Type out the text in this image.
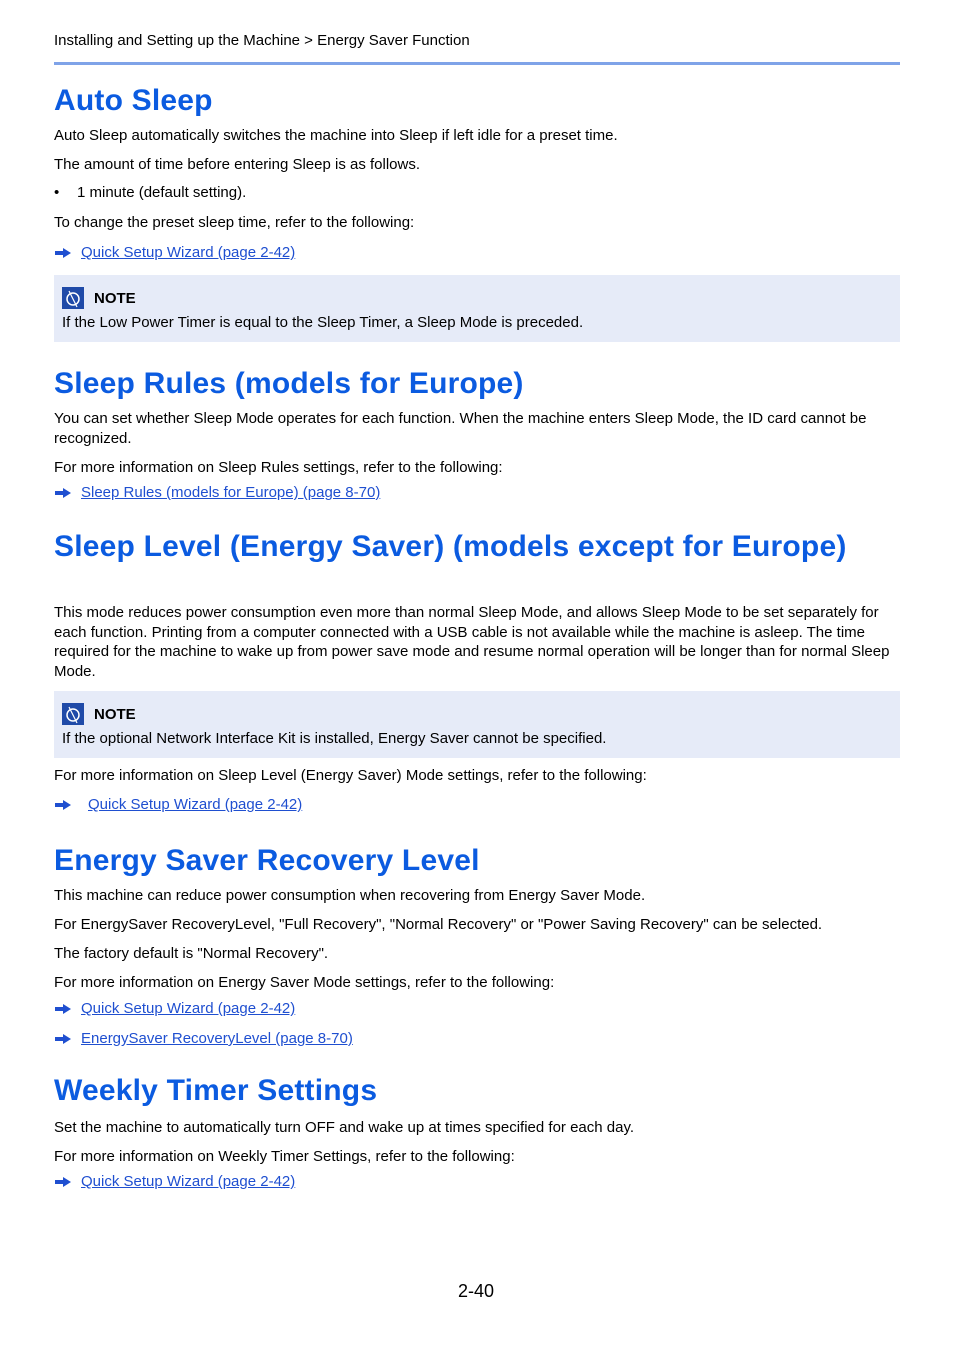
Installing and Setting up the Machine > Energy Saver Function
Auto Sleep

Auto Sleep automatically switches the machine into Sleep if left idle for a preset time.

The amount of time before entering Sleep is as follows.

• 1 minute (default setting).

To change the preset sleep time, refer to the following:

Quick Setup Wizard (page 2-42)
NOTE
If the Low Power Timer is equal to the Sleep Timer, a Sleep Mode is preceded.
Sleep Rules (models for Europe)

You can set whether Sleep Mode operates for each function. When the machine enters Sleep Mode, the ID card cannot be recognized.

For more information on Sleep Rules settings, refer to the following:

Sleep Rules (models for Europe) (page 8-70)
Sleep Level (Energy Saver) (models except for Europe)

This mode reduces power consumption even more than normal Sleep Mode, and allows Sleep Mode to be set separately for each function. Printing from a computer connected with a USB cable is not available while the machine is asleep. The time required for the machine to wake up from power save mode and resume normal operation will be longer than for normal Sleep Mode.

NOTE
If the optional Network Interface Kit is installed, Energy Saver cannot be specified.

For more information on Sleep Level (Energy Saver) Mode settings, refer to the following:

Quick Setup Wizard (page 2-42)
Energy Saver Recovery Level

This machine can reduce power consumption when recovering from Energy Saver Mode.

For EnergySaver RecoveryLevel, "Full Recovery", "Normal Recovery" or "Power Saving Recovery" can be selected.

The factory default is "Normal Recovery".

For more information on Energy Saver Mode settings, refer to the following:

Quick Setup Wizard (page 2-42)
EnergySaver RecoveryLevel (page 8-70)
Weekly Timer Settings

Set the machine to automatically turn OFF and wake up at times specified for each day.

For more information on Weekly Timer Settings, refer to the following:

Quick Setup Wizard (page 2-42)
2-40
